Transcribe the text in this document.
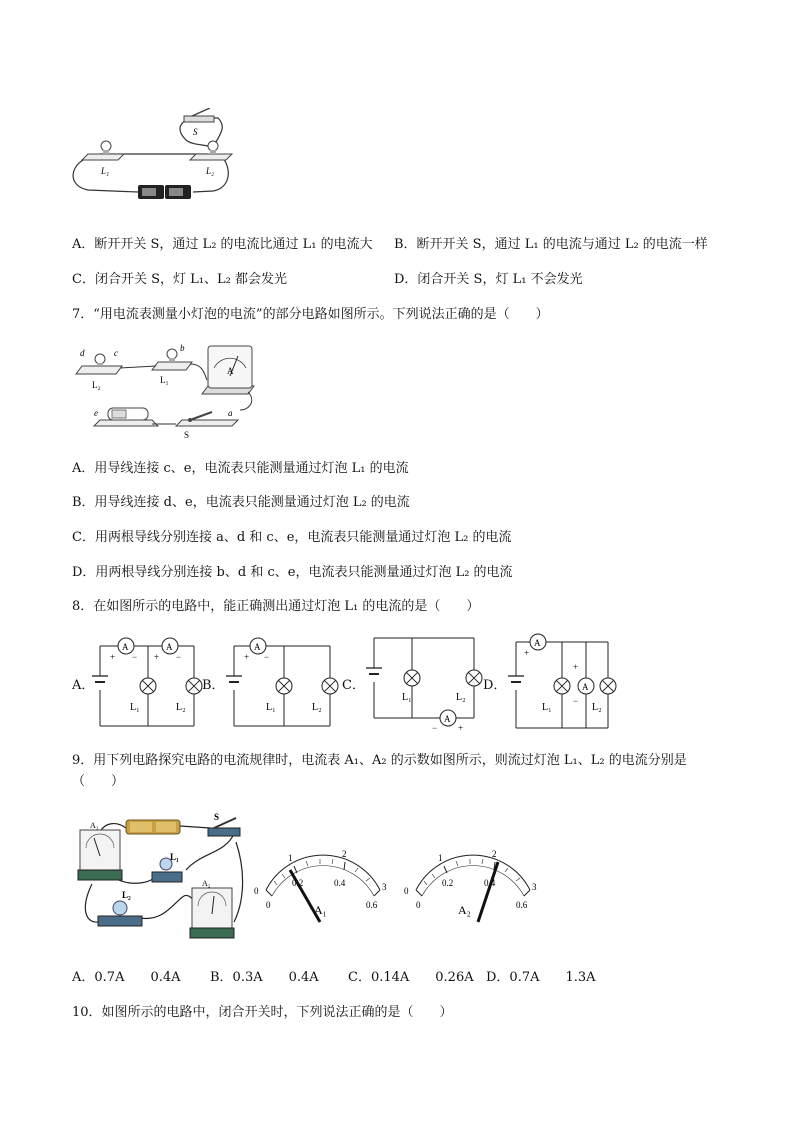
S
L₁	L₂
A．断开开关 S，通过 L₂ 的电流比通过 L₁ 的电流大 B．断开开关 S，通过 L₁ 的电流与通过 L₂ 的电流一样
C．闭合开关 S，灯 L₁、L₂ 都会发光	D．闭合开关 S，灯 L₁ 不会发光
7．“用电流表测量小灯泡的电流”的部分电路如图所示。下列说法正确的是（　　）
d	c
L₂
b
L₁
A
e	a
S
A．用导线连接 c、e，电流表只能测量通过灯泡 L₁ 的电流
B．用导线连接 d、e，电流表只能测量通过灯泡 L₂ 的电流
C．用两根导线分别连接 a、d 和 c、e，电流表只能测量通过灯泡 L₂ 的电流
D．用两根导线分别连接 b、d 和 c、e，电流表只能测量通过灯泡 L₂ 的电流
8．在如图所示的电路中，能正确测出通过灯泡 L₁ 的电流的是（　　）
A．	B．	C．	D．
A	A
+ − + −
L₁	L₂
A
+ −
L₁	L₂
A
− +
L₁	L₂
A
A
+
+
−
L₁	L₂
9．用下列电路探究电路的电流规律时，电流表 A₁、A₂ 的示数如图所示，则流过灯泡 L₁、L₂ 的电流分别是
（　　）
A₁
S
L₁
L₂
A₂
0
1	2
3
0
0.2	0.4
0.6
A₁
0
1	2
3
0
0.2	0.4
0.6
A₂
A．0.7A　　0.4A B．0.3A　　0.4A C．0.14A　　0.26A D．0.7A　　1.3A
10．如图所示的电路中，闭合开关时，下列说法正确的是（　　）
